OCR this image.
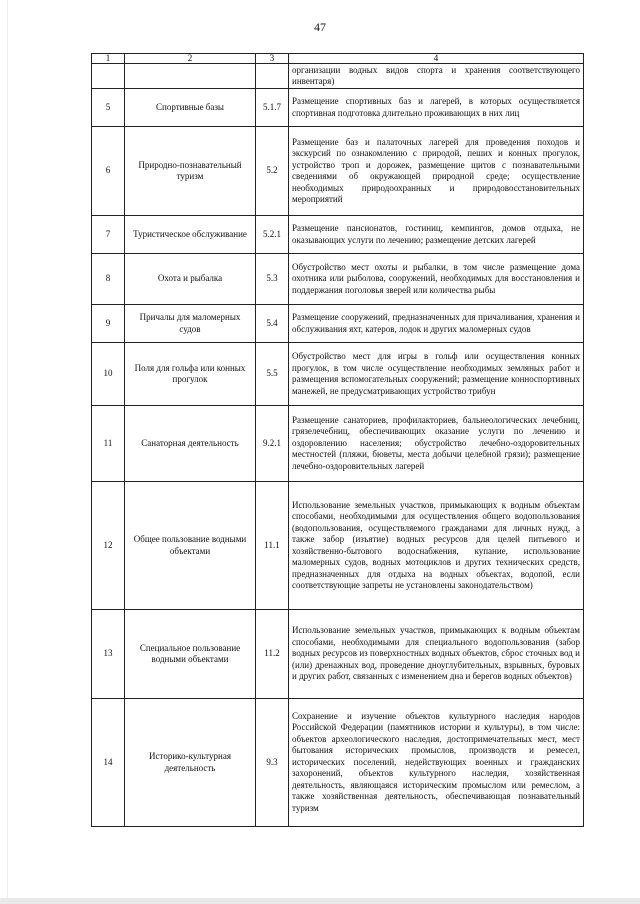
47
1	2	3	4
			организации водных видов спорта и хранения соответствующего инвентаря)
5	Спортивные базы	5.1.7	Размещение спортивных баз и лагерей, в которых осуществляется спортивная подготовка длительно проживающих в них лиц
6	Природно-познавательный туризм	5.2	Размещение баз и палаточных лагерей для проведения походов и экскурсий по ознакомлению с природой, пеших и конных прогулок, устройство троп и дорожек, размещение щитов с познавательными сведениями об окружающей природной среде; осуществление необходимых природоохранных и природовосстановительных мероприятий
7	Туристическое обслуживание	5.2.1	Размещение пансионатов, гостиниц, кемпингов, домов отдыха, не оказывающих услуги по лечению; размещение детских лагерей
8	Охота и рыбалка	5.3	Обустройство мест охоты и рыбалки, в том числе размещение дома охотника или рыболова, сооружений, необходимых для восстановления и поддержания поголовья зверей или количества рыбы
9	Причалы для маломерных судов	5.4	Размещение сооружений, предназначенных для причаливания, хранения и обслуживания яхт, катеров, лодок и других маломерных судов
10	Поля для гольфа или конных прогулок	5.5	Обустройство мест для игры в гольф или осуществления конных прогулок, в том числе осуществление необходимых земляных работ и размещения вспомогательных сооружений; размещение конноспортивных манежей, не предусматривающих устройство трибун
11	Санаторная деятельность	9.2.1	Размещение санаториев, профилакториев, бальнеологических лечебниц, грязелечебниц, обеспечивающих оказание услуги по лечению и оздоровлению населения; обустройство лечебно-оздоровительных местностей (пляжи, бюветы, места добычи целебной грязи); размещение лечебно-оздоровительных лагерей
12	Общее пользование водными объектами	11.1	Использование земельных участков, примыкающих к водным объектам способами, необходимыми для осуществления общего водопользования (водопользования, осуществляемого гражданами для личных нужд, а также забор (изъятие) водных ресурсов для целей питьевого и хозяйственно-бытового водоснабжения, купание, использование маломерных судов, водных мотоциклов и других технических средств, предназначенных для отдыха на водных объектах, водопой, если соответствующие запреты не установлены законодательством)
13	Специальное пользование водными объектами	11.2	Использование земельных участков, примыкающих к водным объектам способами, необходимыми для специального водопользования (забор водных ресурсов из поверхностных водных объектов, сброс сточных вод и (или) дренажных вод, проведение дноуглубительных, взрывных, буровых и других работ, связанных с изменением дна и берегов водных объектов)
14	Историко-культурная деятельность	9.3	Сохранение и изучение объектов культурного наследия народов Российской Федерации (памятников истории и культуры), в том числе: объектов археологического наследия, достопримечательных мест, мест бытования исторических промыслов, производств и ремесел, исторических поселений, недействующих военных и гражданских захоронений, объектов культурного наследия, хозяйственная деятельность, являющаяся историческим промыслом или ремеслом, а также хозяйственная деятельность, обеспечивающая познавательный туризм
